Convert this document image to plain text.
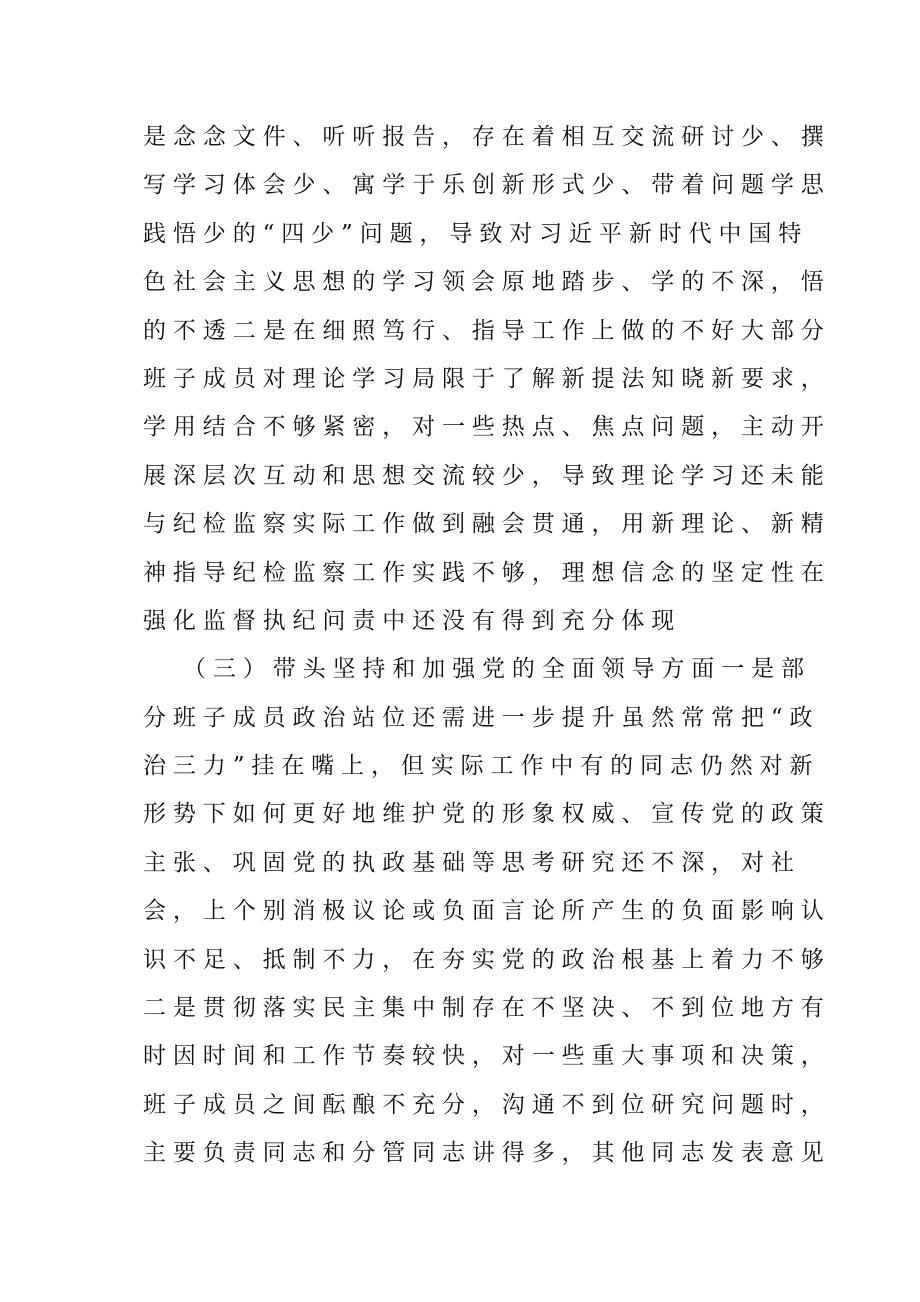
是念念文件、听听报告，存在着相互交流研讨少、撰
写学习体会少、寓学于乐创新形式少、带着问题学思
践悟少的“四少”问题，导致对习近平新时代中国特
色社会主义思想的学习领会原地踏步、学的不深，悟
的不透二是在细照笃行、指导工作上做的不好大部分
班子成员对理论学习局限于了解新提法知晓新要求，
学用结合不够紧密，对一些热点、焦点问题，主动开
展深层次互动和思想交流较少，导致理论学习还未能
与纪检监察实际工作做到融会贯通，用新理论、新精
神指导纪检监察工作实践不够，理想信念的坚定性在
强化监督执纪问责中还没有得到充分体现
（三）带头坚持和加强党的全面领导方面一是部
分班子成员政治站位还需进一步提升虽然常常把“政
治三力”挂在嘴上，但实际工作中有的同志仍然对新
形势下如何更好地维护党的形象权威、宣传党的政策
主张、巩固党的执政基础等思考研究还不深，对社
会，上个别消极议论或负面言论所产生的负面影响认
识不足、抵制不力，在夯实党的政治根基上着力不够
二是贯彻落实民主集中制存在不坚决、不到位地方有
时因时间和工作节奏较快，对一些重大事项和决策，
班子成员之间酝酿不充分，沟通不到位研究问题时，
主要负责同志和分管同志讲得多，其他同志发表意见
